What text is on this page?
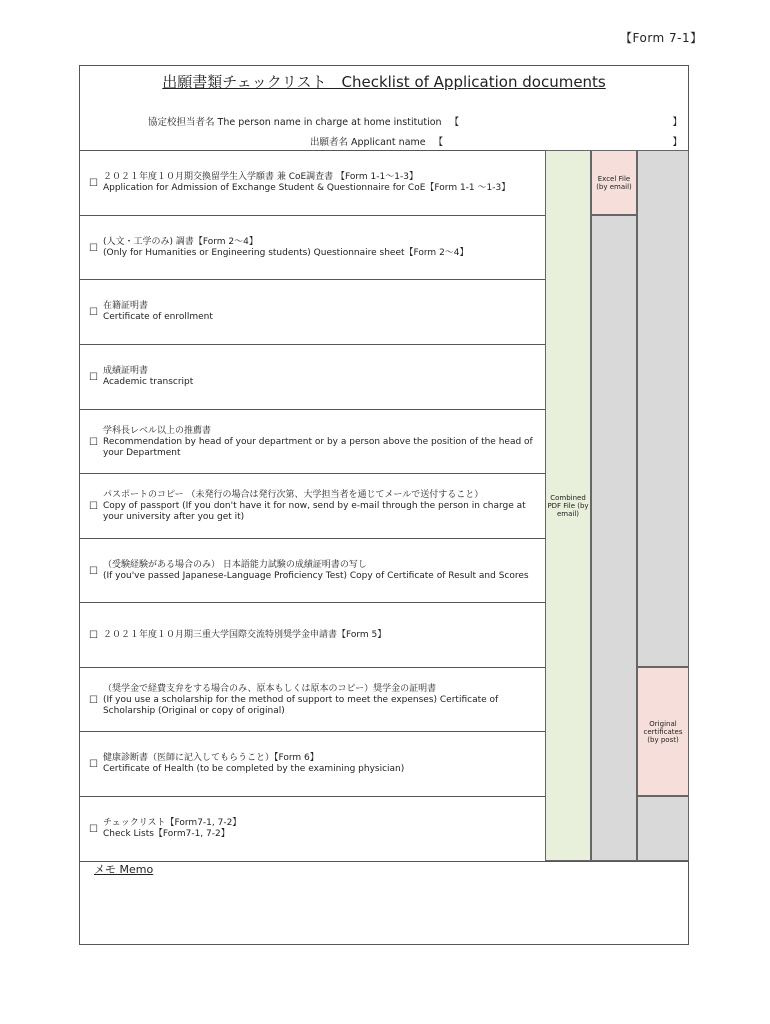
【Form 7-1】
出願書類チェックリスト　Checklist of Application documents
協定校担当者名 The person name in charge at home institution 【	】
出願者名 Applicant name 【	】
☐
２０２１年度１０月期交換留学生入学願書 兼 CoE調査書 【Form 1-1～1-3】
Application for Admission of Exchange Student & Questionnaire for CoE【Form 1-1 ～1-3】
☐
(人文・工学のみ) 調書【Form 2～4】
(Only for Humanities or Engineering students) Questionnaire sheet【Form 2～4】
☐
在籍証明書
Certificate of enrollment
☐
成績証明書
Academic transcript
☐
学科長レベル以上の推薦書
Recommendation by head of your department or by a person above the position of the head of your Department
☐
パスポートのコピー （未発行の場合は発行次第、大学担当者を通じてメールで送付すること）
Copy of passport (If you don't have it for now, send by e-mail through the person in charge at your university after you get it)
☐
（受験経験がある場合のみ） 日本語能力試験の成績証明書の写し
(If you've passed Japanese-Language Proficiency Test) Copy of Certificate of Result and Scores
☐ ２０２１年度１０月期三重大学国際交流特別奨学金申請書【Form 5】
☐
（奨学金で経費支弁をする場合のみ、原本もしくは原本のコピー）奨学金の証明書
(If you use a scholarship for the method of support to meet the expenses) Certificate of Scholarship (Original or copy of original)
☐
健康診断書（医師に記入してもらうこと）【Form 6】
Certificate of Health (to be completed by the examining physician)
☐
チェックリスト【Form7-1, 7-2】
Check Lists【Form7-1, 7-2】
Combined PDF File (by email)
Excel File (by email)
Original certificates (by post)
メモ Memo
